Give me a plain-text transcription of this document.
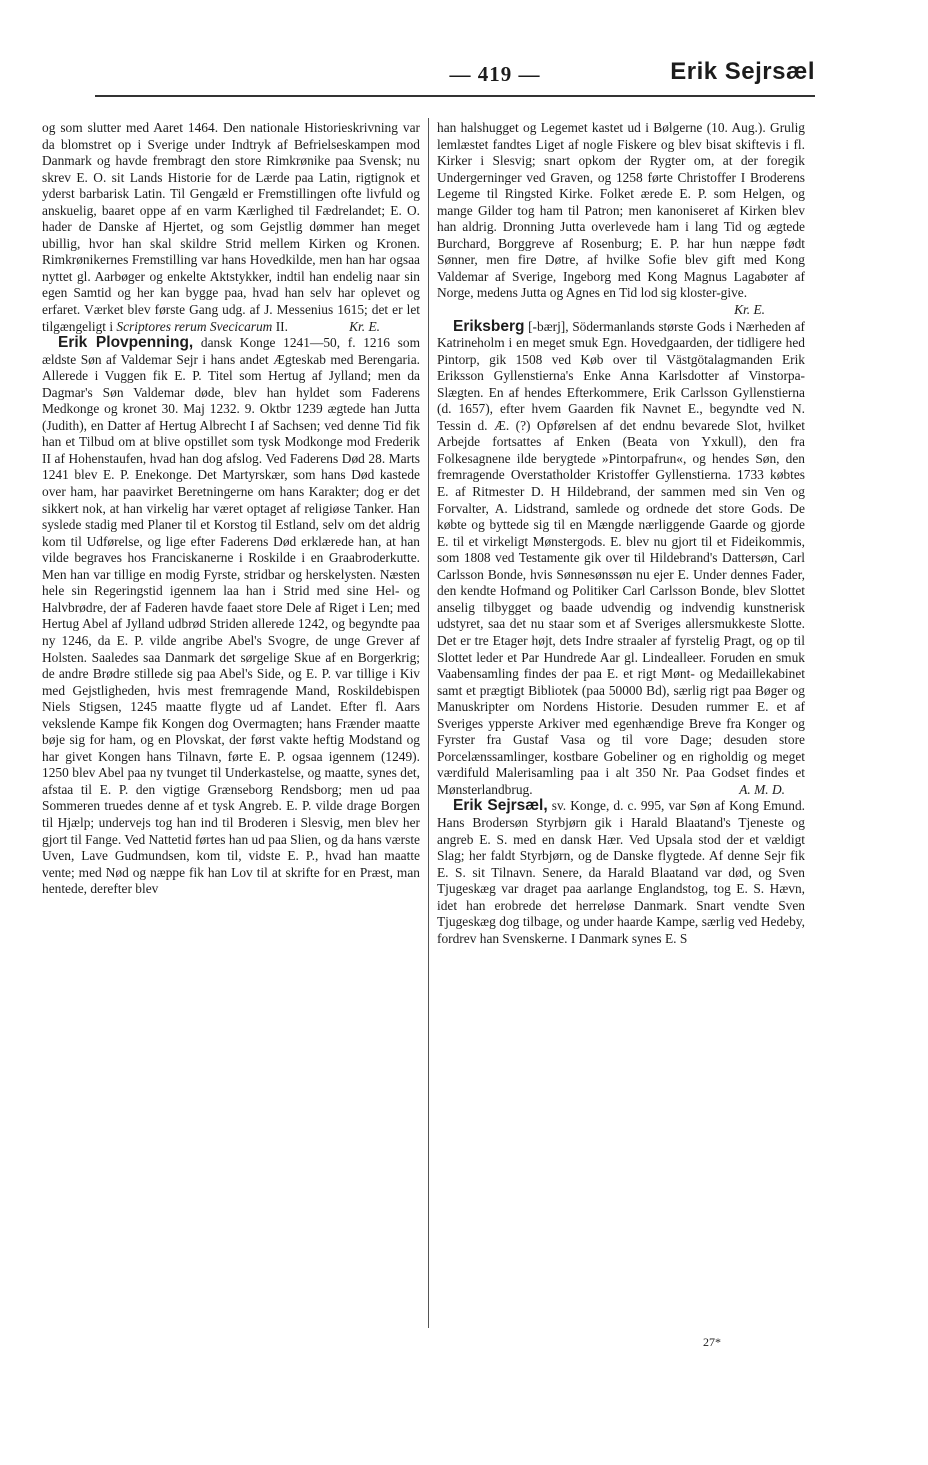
— 419 —	Erik Sejrsæl

og som slutter med Aaret 1464. Den nationale Historieskrivning var da blomstret op i Sverige under Indtryk af Befrielseskampen mod Danmark og havde frembragt den store Rimkrønike paa Svensk; nu skrev E. O. sit Lands Historie for de Lærde paa Latin, rigtignok et yderst barbarisk Latin. Til Gengæld er Fremstillingen ofte livfuld og anskuelig, baaret oppe af en varm Kærlighed til Fædrelandet; E. O. hader de Danske af Hjertet, og som Gejstlig dømmer han meget ubillig, hvor han skal skildre Strid mellem Kirken og Kronen. Rimkrønikernes Fremstilling var hans Hovedkilde, men han har ogsaa nyttet gl. Aarbøger og enkelte Aktstykker, indtil han endelig naar sin egen Samtid og her kan bygge paa, hvad han selv har oplevet og erfaret. Værket blev første Gang udg. af J. Messenius 1615; det er let tilgængeligt i Scriptores rerum Svecicarum II.	Kr. E.

Erik Plovpenning, dansk Konge 1241—50, f. 1216 som ældste Søn af Valdemar Sejr i hans andet Ægteskab med Berengaria. Allerede i Vuggen fik E. P. Titel som Hertug af Jylland; men da Dagmar's Søn Valdemar døde, blev han hyldet som Faderens Medkonge og kronet 30. Maj 1232. 9. Oktbr 1239 ægtede han Jutta (Judith), en Datter af Hertug Albrecht I af Sachsen; ved denne Tid fik han et Tilbud om at blive opstillet som tysk Modkonge mod Frederik II af Hohenstaufen, hvad han dog afslog. Ved Faderens Død 28. Marts 1241 blev E. P. Enekonge. Det Martyrskær, som hans Død kastede over ham, har paavirket Beretningerne om hans Karakter; dog er det sikkert nok, at han virkelig har været optaget af religiøse Tanker. Han syslede stadig med Planer til et Korstog til Estland, selv om det aldrig kom til Udførelse, og lige efter Faderens Død erklærede han, at han vilde begraves hos Franciskanerne i Roskilde i en Graabroderkutte. Men han var tillige en modig Fyrste, stridbar og herskelysten. Næsten hele sin Regeringstid igennem laa han i Strid med sine Hel- og Halvbrødre, der af Faderen havde faaet store Dele af Riget i Len; med Hertug Abel af Jylland udbrød Striden allerede 1242, og begyndte paa ny 1246, da E. P. vilde angribe Abel's Svogre, de unge Grever af Holsten. Saaledes saa Danmark det sørgelige Skue af en Borgerkrig; de andre Brødre stillede sig paa Abel's Side, og E. P. var tillige i Kiv med Gejstligheden, hvis mest fremragende Mand, Roskildebispen Niels Stigsen, 1245 maatte flygte ud af Landet. Efter fl. Aars vekslende Kampe fik Kongen dog Overmagten; hans Frænder maatte bøje sig for ham, og en Plovskat, der først vakte heftig Modstand og har givet Kongen hans Tilnavn, førte E. P. ogsaa igennem (1249). 1250 blev Abel paa ny tvunget til Underkastelse, og maatte, synes det, afstaa til E. P. den vigtige Grænseborg Rendsborg; men ud paa Sommeren truedes denne af et tysk Angreb. E. P. vilde drage Borgen til Hjælp; undervejs tog han ind til Broderen i Slesvig, men blev her gjort til Fange. Ved Nattetid førtes han ud paa Slien, og da hans værste Uven, Lave Gudmundsen, kom til, vidste E. P., hvad han maatte vente; med Nød og næppe fik han Lov til at skrifte for en Præst, man hentede, derefter blev

han halshugget og Legemet kastet ud i Bølgerne (10. Aug.). Grulig lemlæstet fandtes Liget af nogle Fiskere og blev bisat skiftevis i fl. Kirker i Slesvig; snart opkom der Rygter om, at der foregik Undergerninger ved Graven, og 1258 førte Christoffer I Broderens Legeme til Ringsted Kirke. Folket ærede E. P. som Helgen, og mange Gilder tog ham til Patron; men kanoniseret af Kirken blev han aldrig. Dronning Jutta overlevede ham i lang Tid og ægtede Burchard, Borggreve af Rosenburg; E. P. har hun næppe født Sønner, men fire Døtre, af hvilke Sofie blev gift med Kong Valdemar af Sverige, Ingeborg med Kong Magnus Lagabøter af Norge, medens Jutta og Agnes en Tid lod sig kloster-give.
Kr. E.

Eriksberg [-bærj], Södermanlands største Gods i Nærheden af Katrineholm i en meget smuk Egn. Hovedgaarden, der tidligere hed Pintorp, gik 1508 ved Køb over til Västgötalagmanden Erik Eriksson Gyllenstierna's Enke Anna Karlsdotter af Vinstorpa-Slægten. En af hendes Efterkommere, Erik Carlsson Gyllenstierna (d. 1657), efter hvem Gaarden fik Navnet E., begyndte ved N. Tessin d. Æ. (?) Opførelsen af det endnu bevarede Slot, hvilket Arbejde fortsattes af Enken (Beata von Yxkull), den fra Folkesagnene ilde berygtede »Pintorpafrun«, og hendes Søn, den fremragende Overstatholder Kristoffer Gyllenstierna. 1733 købtes E. af Ritmester D. H Hildebrand, der sammen med sin Ven og Forvalter, A. Lidstrand, samlede og ordnede det store Gods. De købte og byttede sig til en Mængde nærliggende Gaarde og gjorde E. til et virkeligt Mønstergods. E. blev nu gjort til et Fideikommis, som 1808 ved Testamente gik over til Hildebrand's Dattersøn, Carl Carlsson Bonde, hvis Sønnesønssøn nu ejer E. Under dennes Fader, den kendte Hofmand og Politiker Carl Carlsson Bonde, blev Slottet anselig tilbygget og baade udvendig og indvendig kunstnerisk udstyret, saa det nu staar som et af Sveriges allersmukkeste Slotte. Det er tre Etager højt, dets Indre straaler af fyrstelig Pragt, og op til Slottet leder et Par Hundrede Aar gl. Lindealleer. Foruden en smuk Vaabensamling findes der paa E. et rigt Mønt- og Medaillekabinet samt et prægtigt Bibliotek (paa 50000 Bd), særlig rigt paa Bøger og Manuskripter om Nordens Historie. Desuden rummer E. et af Sveriges ypperste Arkiver med egenhændige Breve fra Konger og Fyrster fra Gustaf Vasa og til vore Dage; desuden store Porcelænssamlinger, kostbare Gobeliner og en righoldig og meget værdifuld Malerisamling paa i alt 350 Nr. Paa Godset findes et Mønsterlandbrug.	A. M. D.

Erik Sejrsæl, sv. Konge, d. c. 995, var Søn af Kong Emund. Hans Brodersøn Styrbjørn gik i Harald Blaatand's Tjeneste og angreb E. S. med en dansk Hær. Ved Upsala stod der et vældigt Slag; her faldt Styrbjørn, og de Danske flygtede. Af denne Sejr fik E. S. sit Tilnavn. Senere, da Harald Blaatand var død, og Sven Tjugeskæg var draget paa aarlange Englandstog, tog E. S. Hævn, idet han erobrede det herreløse Danmark. Snart vendte Sven Tjugeskæg dog tilbage, og under haarde Kampe, særlig ved Hedeby, fordrev han Svenskerne. I Danmark synes E. S

27*
